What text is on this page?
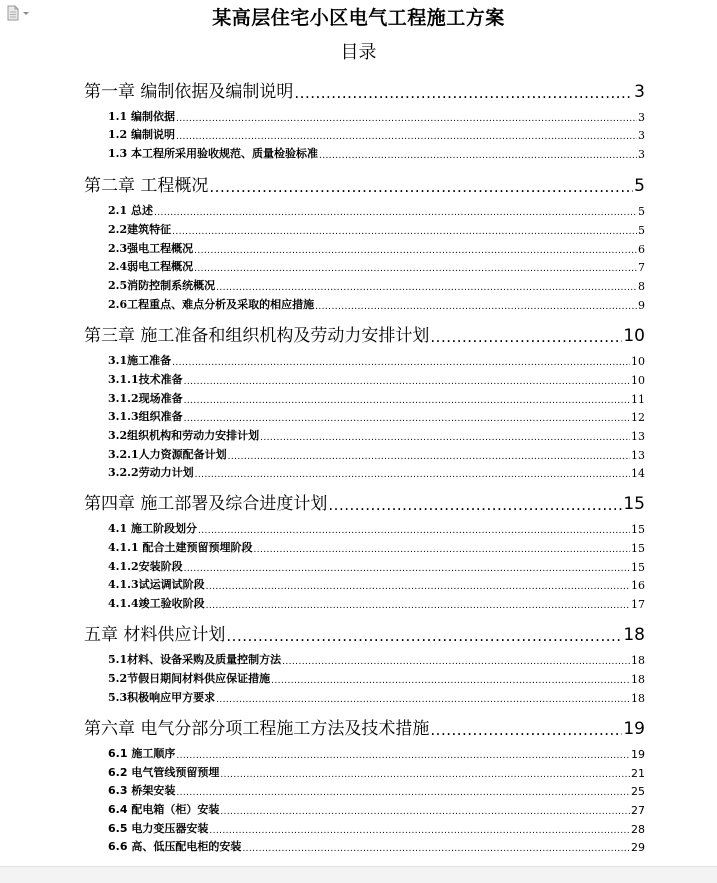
某高层住宅小区电气工程施工方案
目录
第一章 编制依据及编制说明 .....	3
1.1 编制依据 .....	3
1.2 编制说明 .....	3
1.3 本工程所采用验收规范、质量检验标准 .....	3
第二章 工程概况 .....	5
2.1 总述 .....	5
2.2建筑特征 .....	5
2.3强电工程概况 .....	6
2.4弱电工程概况 .....	7
2.5消防控制系统概况 .....	8
2.6工程重点、难点分析及采取的相应措施 .....	9
第三章 施工准备和组织机构及劳动力安排计划 .....	10
3.1施工准备 .....	10
3.1.1技术准备 .....	10
3.1.2现场准备 .....	11
3.1.3组织准备 .....	12
3.2组织机构和劳动力安排计划 .....	13
3.2.1人力资源配备计划 .....	13
3.2.2劳动力计划 .....	14
第四章 施工部署及综合进度计划 .....	15
4.1 施工阶段划分 .....	15
4.1.1 配合土建预留预埋阶段 .....	15
4.1.2安装阶段 .....	15
4.1.3试运调试阶段 .....	16
4.1.4竣工验收阶段 .....	17
五章 材料供应计划 .....	18
5.1材料、设备采购及质量控制方法 .....	18
5.2节假日期间材料供应保证措施 .....	18
5.3积极响应甲方要求 .....	18
第六章 电气分部分项工程施工方法及技术措施 .....	19
6.1 施工顺序 .....	19
6.2 电气管线预留预埋 .....	21
6.3 桥架安装 .....	25
6.4 配电箱（柜）安装 .....	27
6.5 电力变压器安装 .....	28
6.6 高、低压配电柜的安装 .....	29
